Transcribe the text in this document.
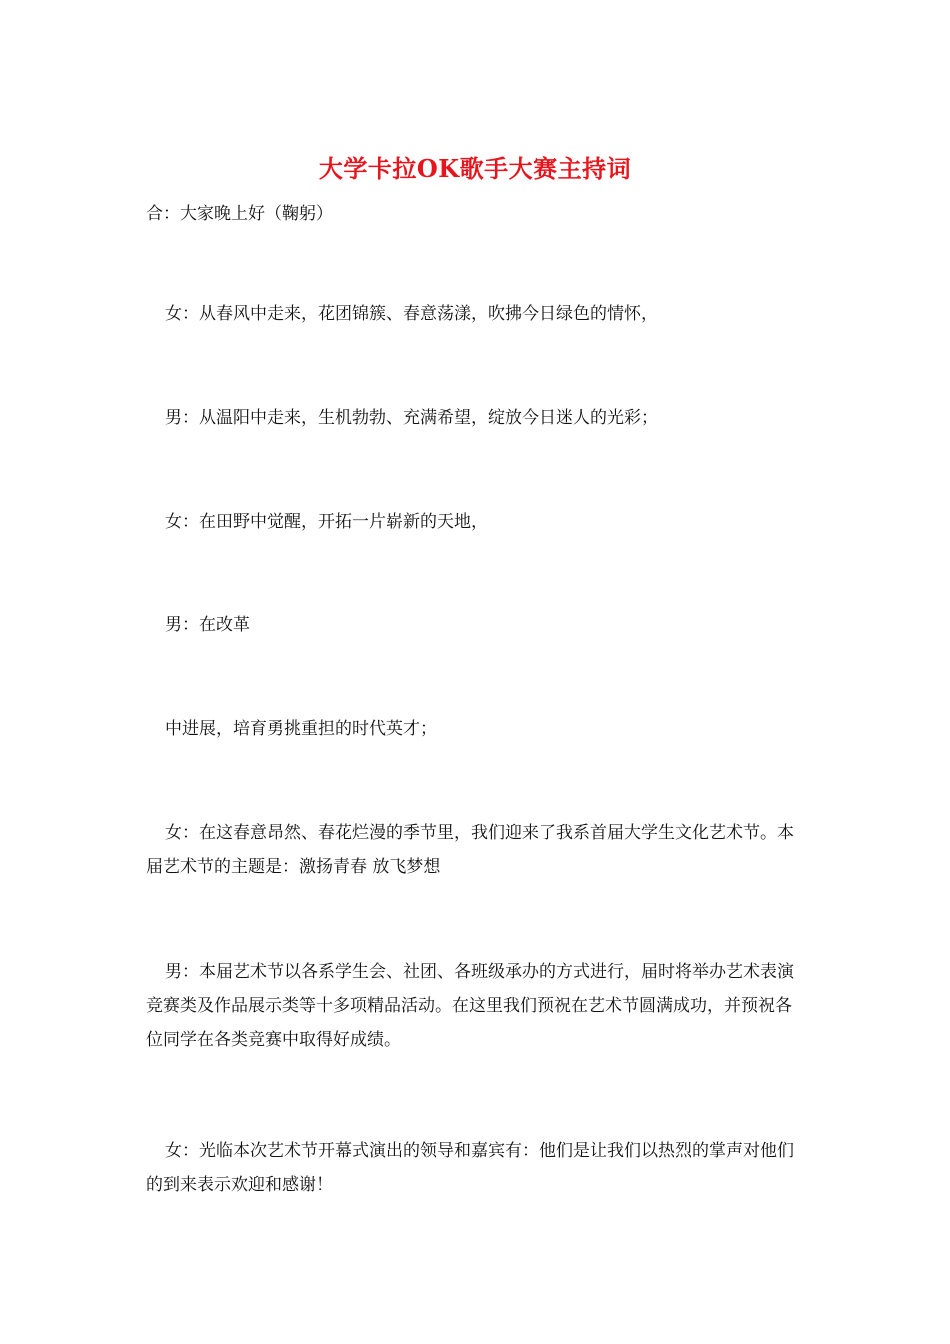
大学卡拉OK歌手大赛主持词
合：大家晚上好（鞠躬）
女：从春风中走来，花团锦簇、春意荡漾，吹拂今日绿色的情怀，
男：从温阳中走来，生机勃勃、充满希望，绽放今日迷人的光彩；
女：在田野中觉醒，开拓一片崭新的天地，
男：在改革
中进展，培育勇挑重担的时代英才；
女：在这春意昂然、春花烂漫的季节里，我们迎来了我系首届大学生文化艺术节。本届艺术节的主题是：激扬青春 放飞梦想
男：本届艺术节以各系学生会、社团、各班级承办的方式进行，届时将举办艺术表演竞赛类及作品展示类等十多项精品活动。在这里我们预祝在艺术节圆满成功，并预祝各位同学在各类竞赛中取得好成绩。
女：光临本次艺术节开幕式演出的领导和嘉宾有：他们是让我们以热烈的掌声对他们的到来表示欢迎和感谢！
